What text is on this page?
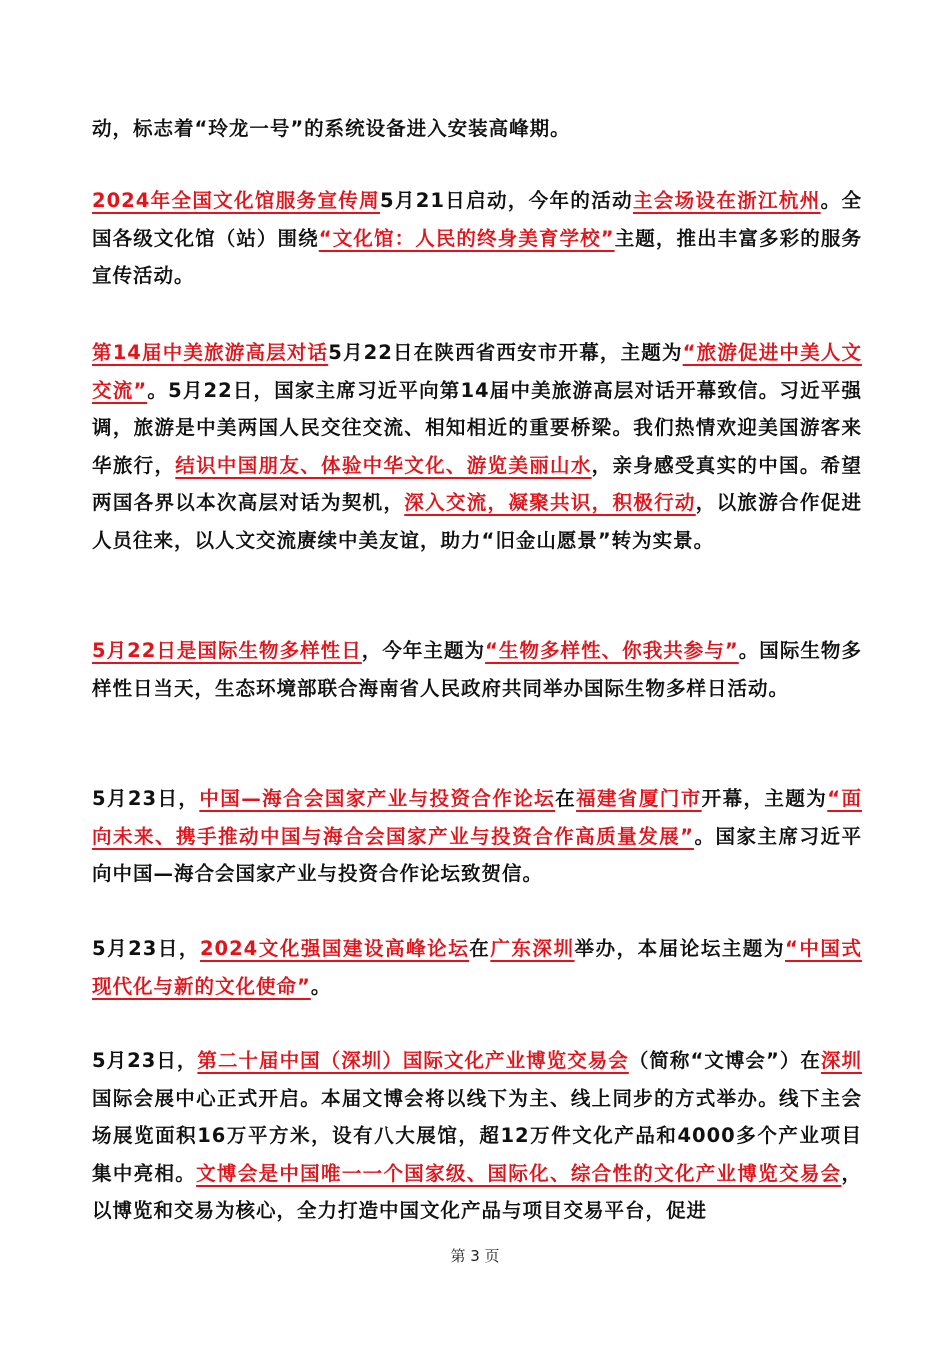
动，标志着“玲龙一号”的系统设备进入安装高峰期。

2024年全国文化馆服务宣传周5月21日启动，今年的活动主会场设在浙江杭州。全国各级文化馆（站）围绕“文化馆：人民的终身美育学校”主题，推出丰富多彩的服务宣传活动。

第14届中美旅游高层对话5月22日在陕西省西安市开幕，主题为“旅游促进中美人文交流”。5月22日，国家主席习近平向第14届中美旅游高层对话开幕致信。习近平强调，旅游是中美两国人民交往交流、相知相近的重要桥梁。我们热情欢迎美国游客来华旅行，结识中国朋友、体验中华文化、游览美丽山水，亲身感受真实的中国。希望两国各界以本次高层对话为契机，深入交流，凝聚共识，积极行动，以旅游合作促进人员往来，以人文交流赓续中美友谊，助力“旧金山愿景”转为实景。

5月22日是国际生物多样性日，今年主题为“生物多样性、你我共参与”。国际生物多样性日当天，生态环境部联合海南省人民政府共同举办国际生物多样日活动。

5月23日，中国—海合会国家产业与投资合作论坛在福建省厦门市开幕，主题为“面向未来、携手推动中国与海合会国家产业与投资合作高质量发展”。国家主席习近平向中国—海合会国家产业与投资合作论坛致贺信。

5月23日，2024文化强国建设高峰论坛在广东深圳举办，本届论坛主题为“中国式现代化与新的文化使命”。

5月23日，第二十届中国（深圳）国际文化产业博览交易会（简称“文博会”）在深圳国际会展中心正式开启。本届文博会将以线下为主、线上同步的方式举办。线下主会场展览面积16万平方米，设有八大展馆，超12万件文化产品和4000多个产业项目集中亮相。文博会是中国唯一一个国家级、国际化、综合性的文化产业博览交易会，以博览和交易为核心，全力打造中国文化产品与项目交易平台，促进

第 3 页
